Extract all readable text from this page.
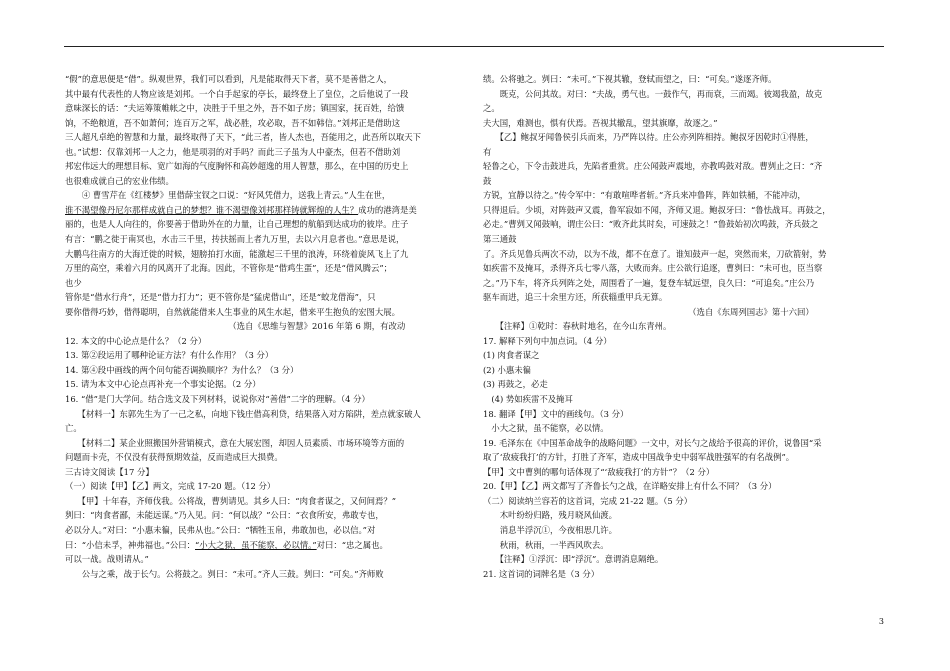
“假”的意思便是“借”。纵观世界，我们可以看到，凡是能取得天下者，莫不是善借之人，
其中最有代表性的人物应该是刘邦。一个白手起家的亭长，最终登上了皇位，之后他说了一段
意味深长的话：“夫运筹策帷帐之中，决胜于千里之外，吾不如子房；镇国家，抚百姓，给馈
饷，不绝粮道，吾不如萧何；连百万之军，战必胜，攻必取，吾不如韩信。”刘邦正是借助这
三人超凡卓绝的智慧和力量，最终取得了天下，“此三者，皆人杰也，吾能用之，此吾所以取天下
也。”试想：仅靠刘邦一人之力，他是项羽的对手吗？而此三子虽为人中豪杰，但若不借助刘
邦宏伟远大的理想目标、宽广如海的气度胸怀和高妙超逸的用人智慧，那么，在中国的历史上
也很难成就自己的宏业伟绩。
　　④ 曹雪芹在《红楼梦》里借薛宝钗之口说：“好风凭借力，送我上青云。”人生在世，
谁不渴望像丹尼尔那样成就自己的梦想？谁不渴望像刘邦那样铸就辉煌的人生？成功的港湾是美
丽的，也是人人向往的，你要善于借助外在的力量，让自己理想的航船到达成功的彼岸。庄子
有言：“鹏之徙于南冥也，水击三千里，抟扶摇而上者九万里，去以六月息者也。”意思是说，
大鹏鸟往南方的大海迁徙的时候，翅膀拍打水面，能激起三千里的浪涛，环绕着旋风飞上了九
万里的高空，乘着六月的风离开了北海。因此，不管你是“借鸡生蛋”，还是“借风腾云”；
也少
管你是“借水行舟”，还是“借力打力”；更不管你是“猛虎借山”，还是“蛟龙借海”，只
要你借得巧妙，借得聪明，自然就能借来人生事业的风生水起，借来平生抱负的宏图大展。
　　　　　　　　　　　　　　　　　　　　（选自《思维与智慧》2016 年第 6 期，有改动
12. 本文的中心论点是什么？（2 分）
13. 第②段运用了哪种论证方法？有什么作用？（3 分）
14. 第④段中画线的两个问句能否调换顺序？为什么？（3 分）
15. 请为本文中心论点再补充一个事实论据。（2 分）
16. “借”是门大学问。结合选文及下列材料，说说你对“善借”二字的理解。（4 分）
　　【材料一】东郭先生为了一己之私，向地下钱庄借高利贷，结果落入对方陷阱，差点就家破人
亡。
　　【材料二】某企业照搬国外营销模式，意在大展宏图，却因人员素质、市场环境等方面的
问题而卡壳，不仅没有获得预期效益，反而造成巨大损费。
三古诗文阅读【17 分】
（一）阅读【甲】【乙】两文，完成 17-20 题。（12 分）
　　【甲】十年春，齐师伐我。公将战，曹刿请见。其乡人曰：“肉食者谋之，又何间焉？”
刿曰：“肉食者鄙，未能远谋。”乃入见。问：“何以战？”公曰：“衣食所安，弗敢专也，
必以分人。”对曰：“小惠未徧，民弗从也。”公曰：“牺牲玉帛，弗敢加也，必以信。”对
曰：“小信未孚，神弗福也。”公曰：“小大之狱，虽不能察，必以情。”对曰：“忠之属也。
可以一战。战则请从。”
　　公与之乘，战于长勺。公将鼓之。刿曰：“未可。”齐人三鼓。刿曰：“可矣。”齐师败
绩。公将驰之。刿曰：“未可。”下视其辙，登轼而望之，曰：“可矣。”遂逐齐师。
　　既克，公问其故。对曰：“夫战，勇气也。一鼓作气，再而衰，三而竭。彼竭我盈，故克
之。
夫大国，难测也，惧有伏焉。吾视其辙乱，望其旗靡，故逐之。”
　　【乙】鲍叔牙闻鲁侯引兵而来，乃严阵以待。庄公亦列阵相持。鲍叔牙因乾时①得胜，
有
轻鲁之心，下令击鼓进兵，先陷者重赏。庄公闻鼓声震地，亦教鸣鼓对敌。曹刿止之曰：“齐
鼓
方锐，宜静以待之。”传令军中：“有敢喧哗者斩。”齐兵来冲鲁阵，阵如铁桶，不能冲动，
只得退后。少顷，对阵鼓声又震，鲁军寂如不闻，齐师又退。鲍叔牙曰：“鲁怯战耳。再鼓之，
必走。”曹刿又闻鼓响，谓庄公曰：“败齐此其时矣，可速鼓之！”鲁鼓始初次鸣鼓，齐兵鼓之
第三通鼓
了。齐兵见鲁兵两次不动，以为不战，都不在意了。谁知鼓声一起，突然而来，刀砍箭射，势
如疾雷不及掩耳，杀得齐兵七零八落，大败而奔。庄公欲行追逐，曹刿曰：“未可也，臣当察
之。”乃下车，将齐兵列阵之处，周围看了一遍，复登车轼远望，良久曰：“可追矣。”庄公乃
驱车而进，追三十余里方还，所获辎重甲兵无算。
　　　　　　　　　　　　　　　　　　　　　　　　　（选自《东周列国志》第十六回）
　　【注释】①乾时：春秋时地名，在今山东青州。
17. 解释下列句中加点词。（4 分）
(1) 肉食者谋之
(2) 小惠未徧
(3) 再鼓之，必走
　(4) 势如疾雷不及掩耳
18. 翻译【甲】文中的画线句。（3 分）
　小大之狱，虽不能察，必以情。
19. 毛泽东在《中国革命战争的战略问题》一文中，对长勺之战给予很高的评价，说鲁国“采
取了‘敌疲我打’的方针，打胜了齐军，造成中国战争史中弱军战胜强军的有名战例”。
【甲】文中曹刿的哪句话体现了“‘敌疲我打’的方针”？（2 分）
20.【甲】【乙】两文都写了齐鲁长勺之战，在详略安排上有什么不同？（3 分）
（二）阅读纳兰容若的这首词，完成 21-22 题。（5 分）
　　木叶纷纷归路，残月晓风仙渡。
　　消息半浮沉①，今夜相思几许。
　　秋雨，秋雨，一半西风吹去。
　　【注释】①浮沉：即“浮沉”。意谓消息隔绝。
21. 这首词的词牌名是（3 分）
3
